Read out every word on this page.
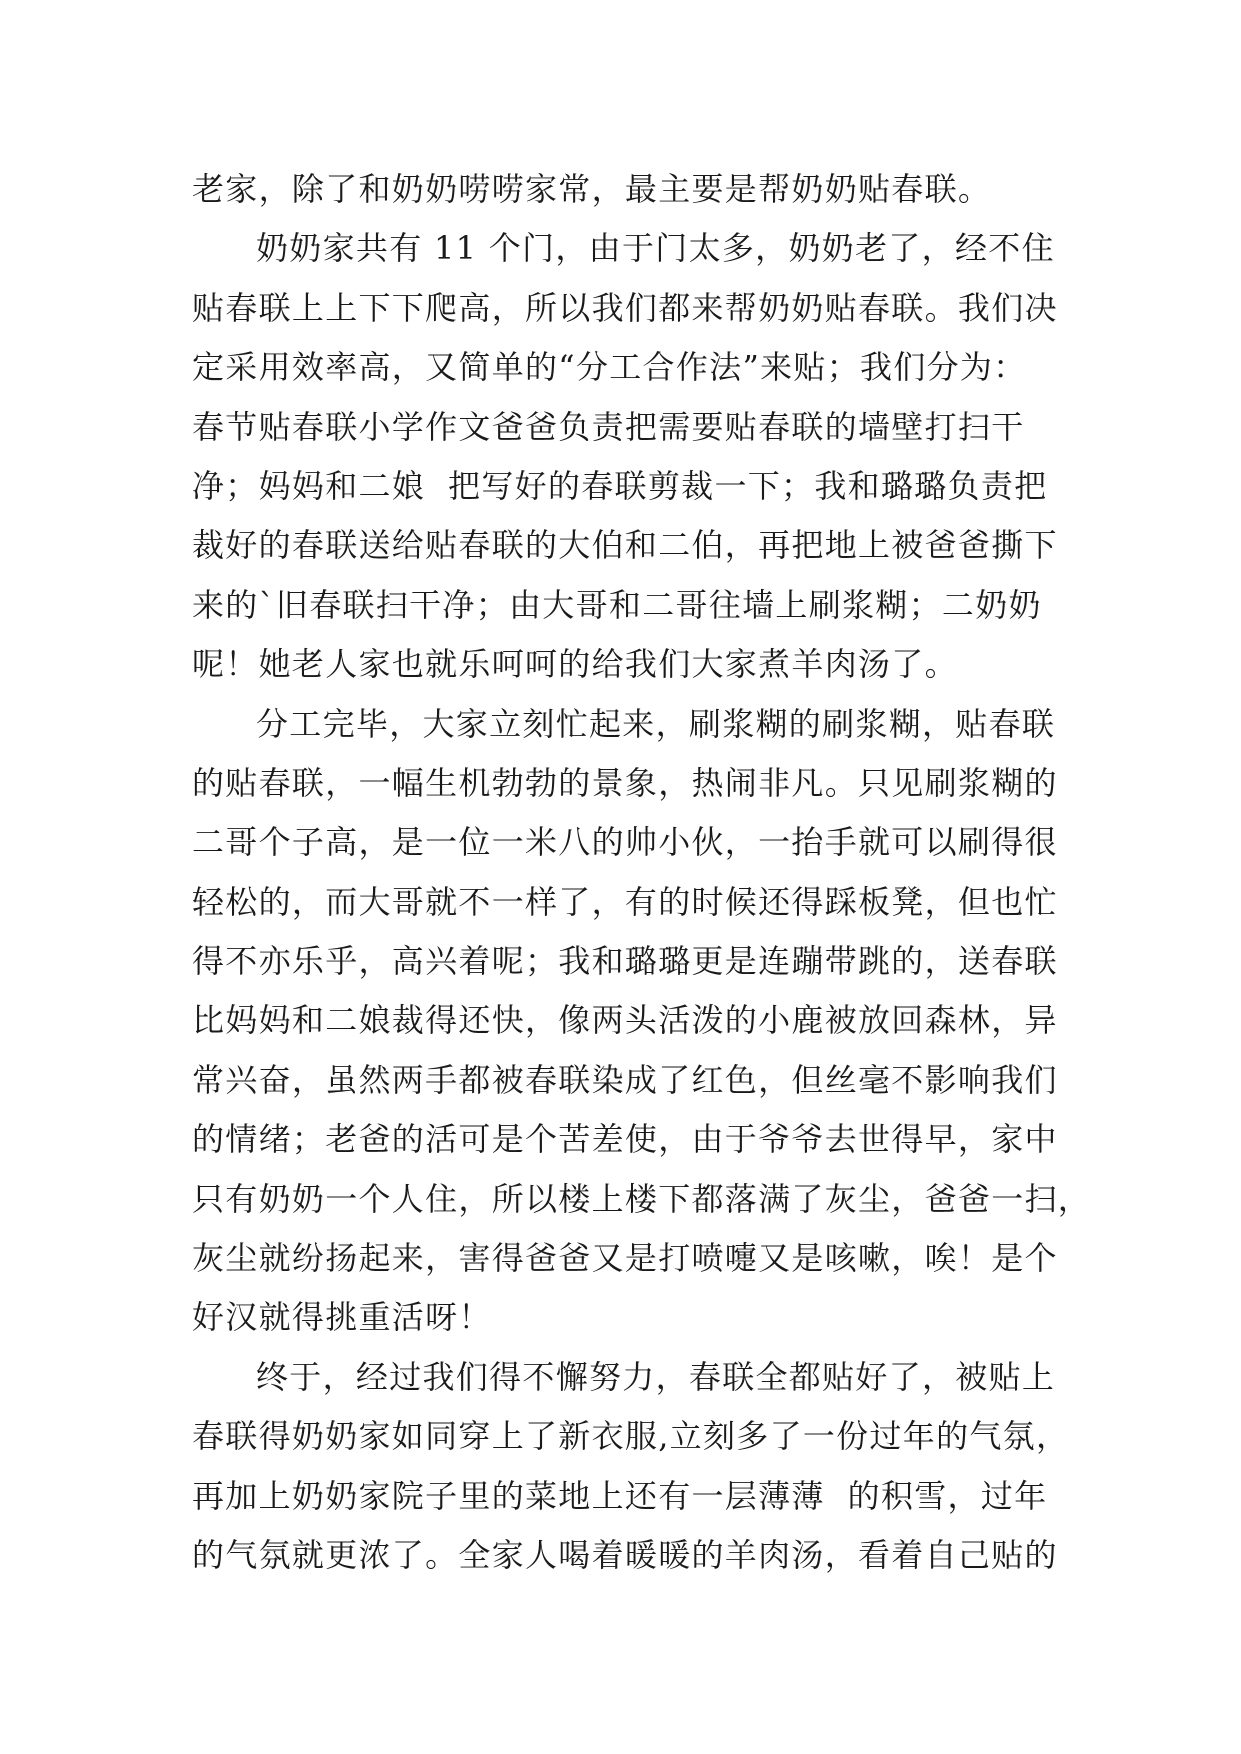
老家，除了和奶奶唠唠家常，最主要是帮奶奶贴春联。
奶奶家共有 11 个门，由于门太多，奶奶老了，经不住
贴春联上上下下爬高，所以我们都来帮奶奶贴春联。我们决
定采用效率高，又简单的“分工合作法”来贴；我们分为：
春节贴春联小学作文爸爸负责把需要贴春联的墙壁打扫干
净；妈妈和二娘  把写好的春联剪裁一下；我和璐璐负责把
裁好的春联送给贴春联的大伯和二伯，再把地上被爸爸撕下
来的`旧春联扫干净；由大哥和二哥往墙上刷浆糊；二奶奶
呢！她老人家也就乐呵呵的给我们大家煮羊肉汤了。
分工完毕，大家立刻忙起来，刷浆糊的刷浆糊，贴春联
的贴春联，一幅生机勃勃的景象，热闹非凡。只见刷浆糊的
二哥个子高，是一位一米八的帅小伙，一抬手就可以刷得很
轻松的，而大哥就不一样了，有的时候还得踩板凳，但也忙
得不亦乐乎，高兴着呢；我和璐璐更是连蹦带跳的，送春联
比妈妈和二娘裁得还快，像两头活泼的小鹿被放回森林，异
常兴奋，虽然两手都被春联染成了红色，但丝毫不影响我们
的情绪；老爸的活可是个苦差使，由于爷爷去世得早，家中
只有奶奶一个人住，所以楼上楼下都落满了灰尘，爸爸一扫，
灰尘就纷扬起来，害得爸爸又是打喷嚏又是咳嗽，唉！是个
好汉就得挑重活呀！
终于，经过我们得不懈努力，春联全都贴好了，被贴上
春联得奶奶家如同穿上了新衣服,立刻多了一份过年的气氛，
再加上奶奶家院子里的菜地上还有一层薄薄  的积雪，过年
的气氛就更浓了。全家人喝着暖暖的羊肉汤，看着自己贴的
